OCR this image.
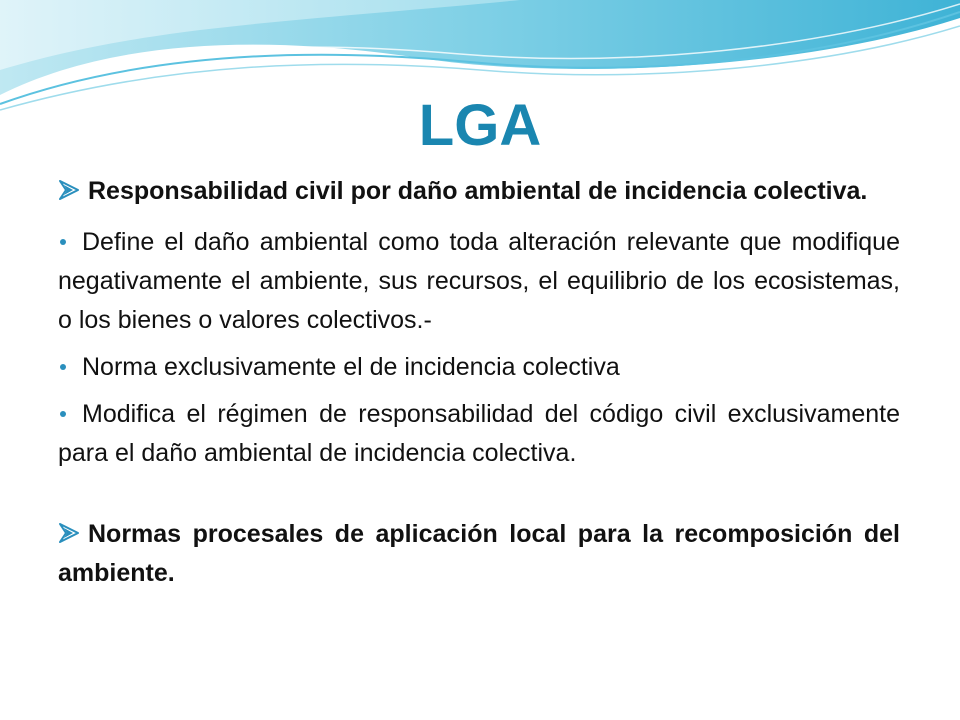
LGA

Responsabilidad civil por daño ambiental de incidencia colectiva.

Define el daño ambiental como toda alteración relevante que modifique negativamente el ambiente, sus recursos, el equilibrio de los ecosistemas, o los bienes o valores colectivos.-

Norma exclusivamente el de incidencia colectiva

Modifica el régimen de responsabilidad del código civil exclusivamente para el daño ambiental de incidencia colectiva.

Normas procesales de aplicación local para la recomposición del ambiente.
